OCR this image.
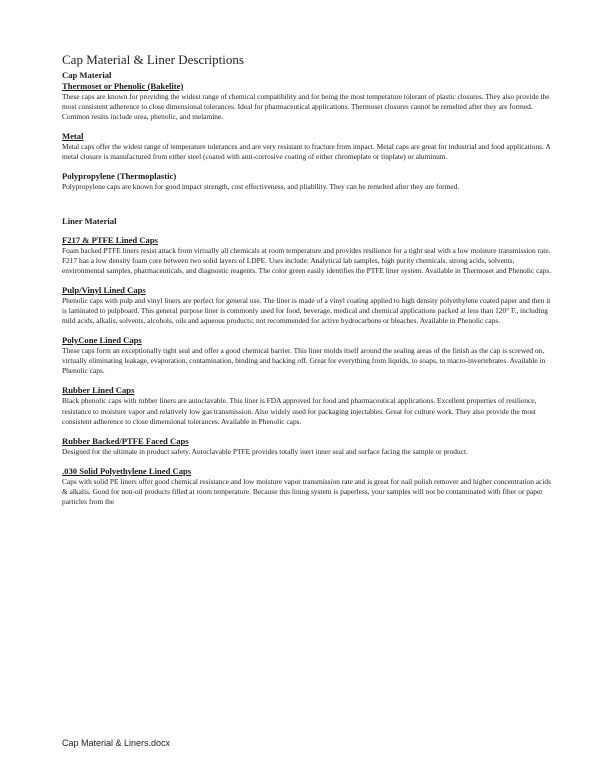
Cap Material & Liner Descriptions
Cap Material
Thermoset or Phenolic (Bakelite)

These caps are known for providing the widest range of chemical compatibility and for being the most temperature tolerant of plastic closures. They also provide the most consistent adherence to close dimensional tolerances. Ideal for pharmaceutical applications. Thermoset closures cannot be remelted after they are formed. Common resins include urea, phenolic, and melamine.

Metal

Metal caps offer the widest range of temperature tolerances and are very resistant to fracture from impact. Metal caps are great for industrial and food applications. A metal closure is manufactured from either steel (coated with anti-corrosive coating of either chromeplate or tinplate) or aluminum.

Polypropylene (Thermoplastic)

Polypropylene caps are known for good impact strength, cost effectiveness, and pliability. They can be remelted after they are formed.

Liner Material
F217 & PTFE Lined Caps

Foam backed PTFE liners resist attack from virtually all chemicals at room temperature and provides resilience for a tight seal with a low moisture transmission rate. F217 has a low density foam core between two solid layers of LDPE. Uses include: Analytical lab samples, high purity chemicals, strong acids, solvents, environmental samples, pharmaceuticals, and diagnostic reagents. The color green easily identifies the PTFE liner system. Available in Thermoset and Phenolic caps.

Pulp/Vinyl Lined Caps

Phenolic caps with pulp and vinyl liners are perfect for general use. The liner is made of a vinyl coating applied to high density polyethylene coated paper and then it is laminated to pulpboard. This general purpose liner is commonly used for food, beverage, medical and chemical applications packed at less than 120° F., including mild acids, alkalis, solvents, alcohols, oils and aqueous products; not recommended for active hydrocarbons or bleaches. Available in Phenolic caps.

PolyCone Lined Caps

These caps form an exceptionally tight seal and offer a good chemical barrier. This liner molds itself around the sealing areas of the finish as the cap is screwed on, virtually eliminating leakage, evaporation, contamination, binding and backing off. Great for everything from liquids, to soaps, to macro-invertebrates. Available in Phenolic caps.

Rubber Lined Caps

Black phenolic caps with rubber liners are autoclavable. This liner is FDA approved for food and pharmaceutical applications. Excellent properties of resilience, resistance to moisture vapor and relatively low gas transmission. Also widely used for packaging injectables. Great for culture work. They also provide the most consistent adherence to close dimensional tolerances. Available in Phenolic caps.

Rubber Backed/PTFE Faced Caps

Designed for the ultimate in product safety. Autoclavable PTFE provides totally inert inner seal and surface facing the sample or product.

.030 Solid Polyethylene Lined Caps

Caps with solid PE liners offer good chemical resistance and low moisture vapor transmission rate and is great for nail polish remover and higher concentration acids & alkalis. Good for non-oil products filled at room temperature. Because this lining system is paperless, your samples will not be contaminated with fiber or paper particles from the

Cap Material & Liners.docx
